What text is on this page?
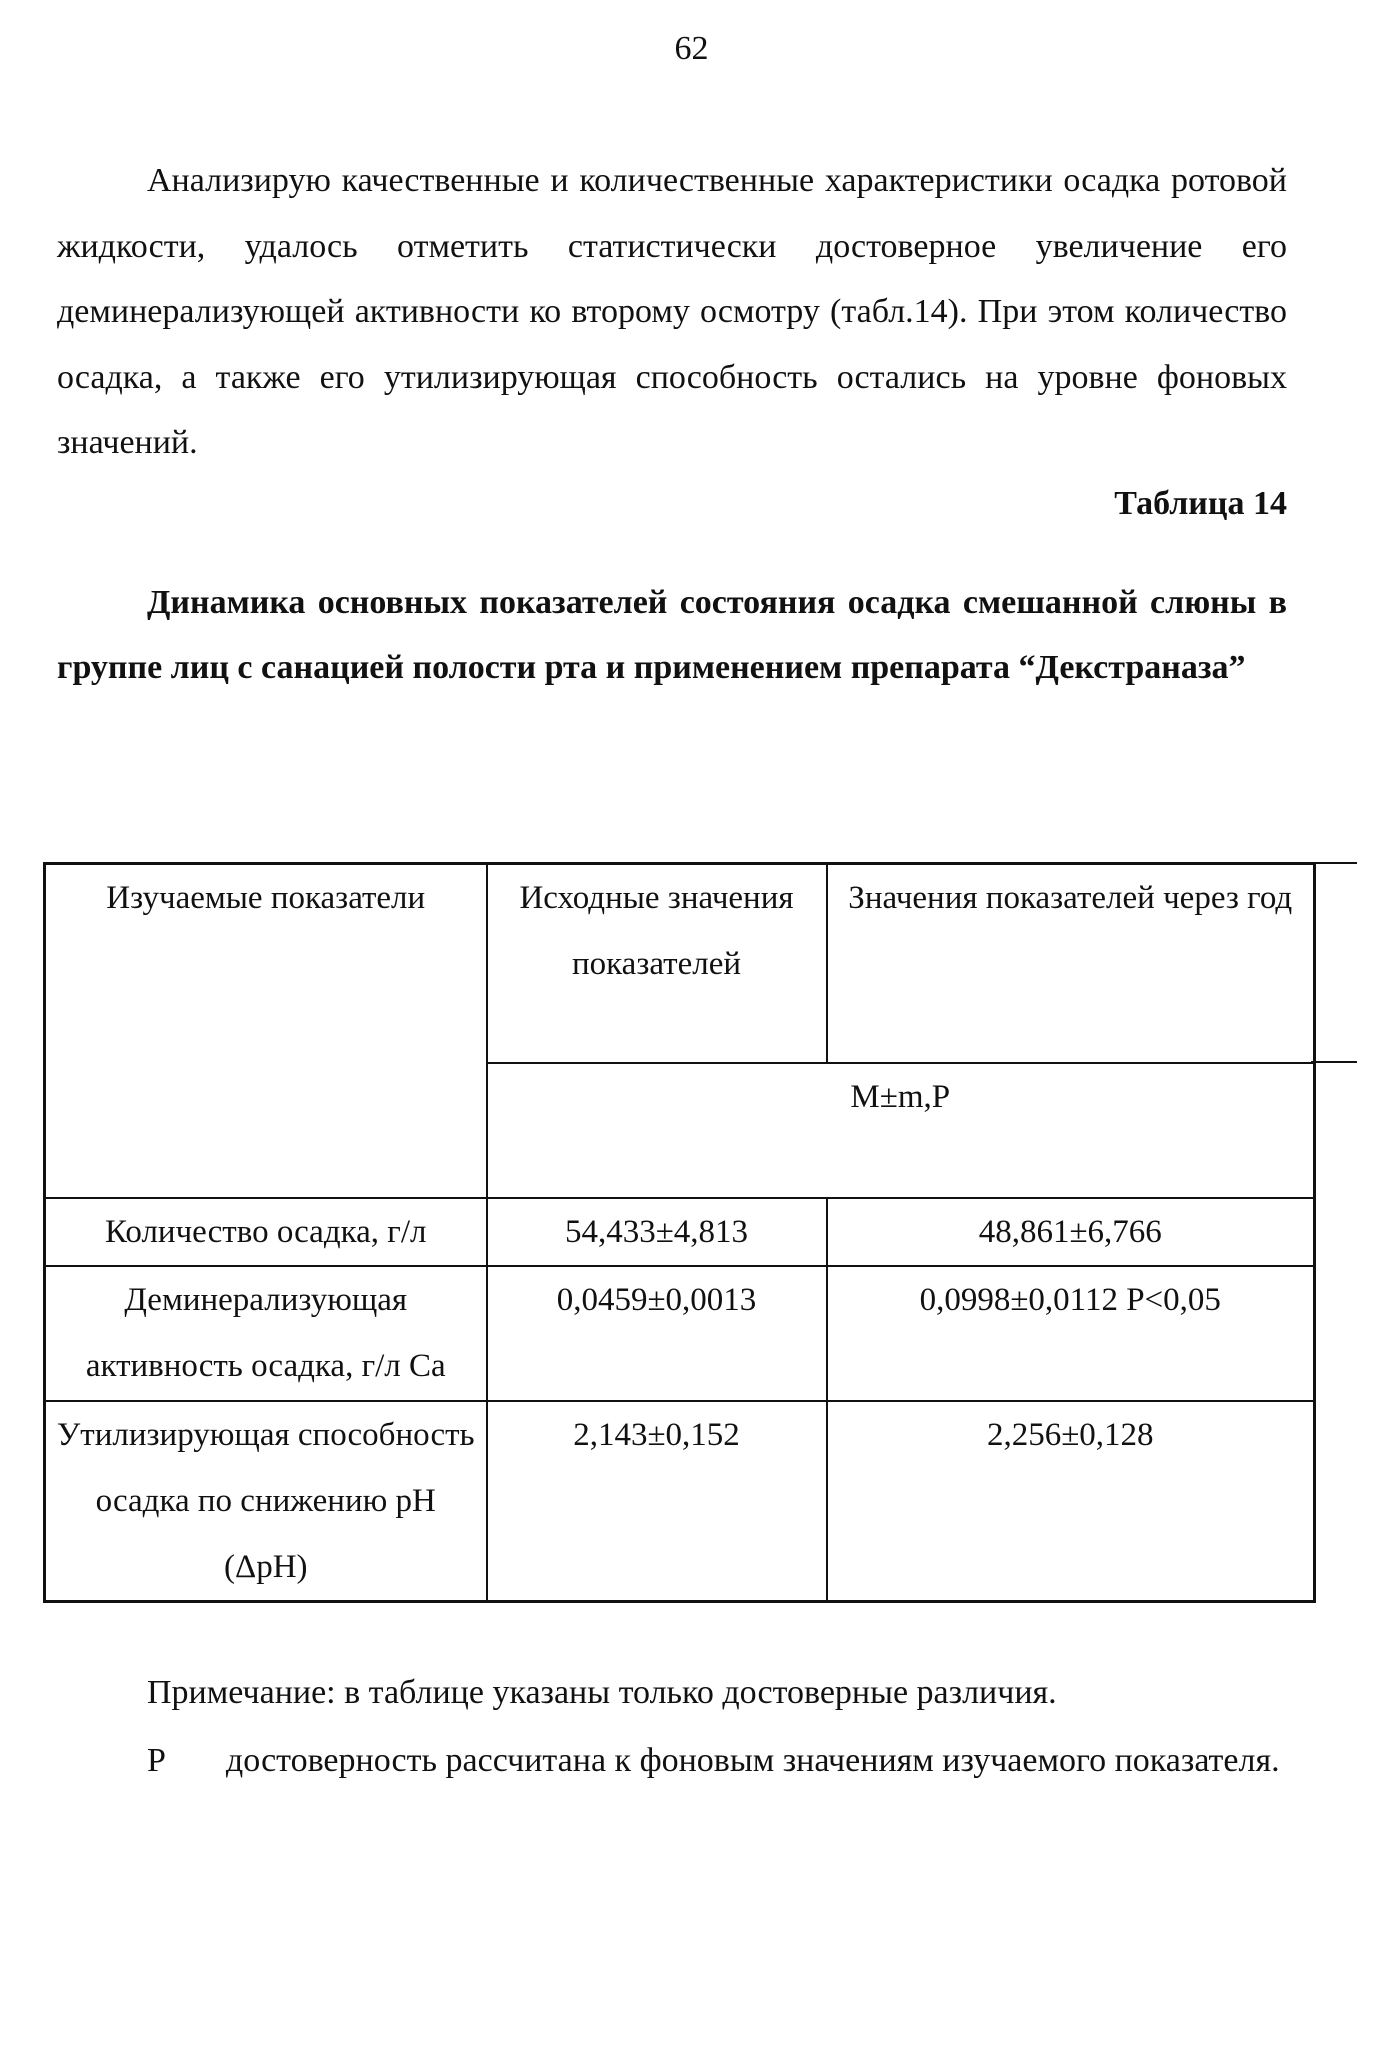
62
Анализирую качественные и количественные характеристики осадка ротовой жидкости, удалось отметить статистически достоверное увеличение его деминерализующей активности ко второму осмотру (табл.14). При этом количество осадка, а также его утилизирующая способность остались на уровне фоновых значений.
Таблица 14
Динамика основных показателей состояния осадка смешанной слюны в группе лиц с санацией полости рта и применением препарата “Декстраназа”
Изучаемые показатели	Исходные значения показателей	Значения показателей через год
	M±m,P	
Количество осадка, г/л	54,433±4,813	48,861±6,766
Деминерализующая активность осадка, г/л Ca	0,0459±0,0013	0,0998±0,0112 P<0,05
Утилизирующая способность осадка по снижению pH (ΔpH)	2,143±0,152	2,256±0,128
Примечание: в таблице указаны только достоверные различия.
P достоверность рассчитана к фоновым значениям изучаемого показателя.
